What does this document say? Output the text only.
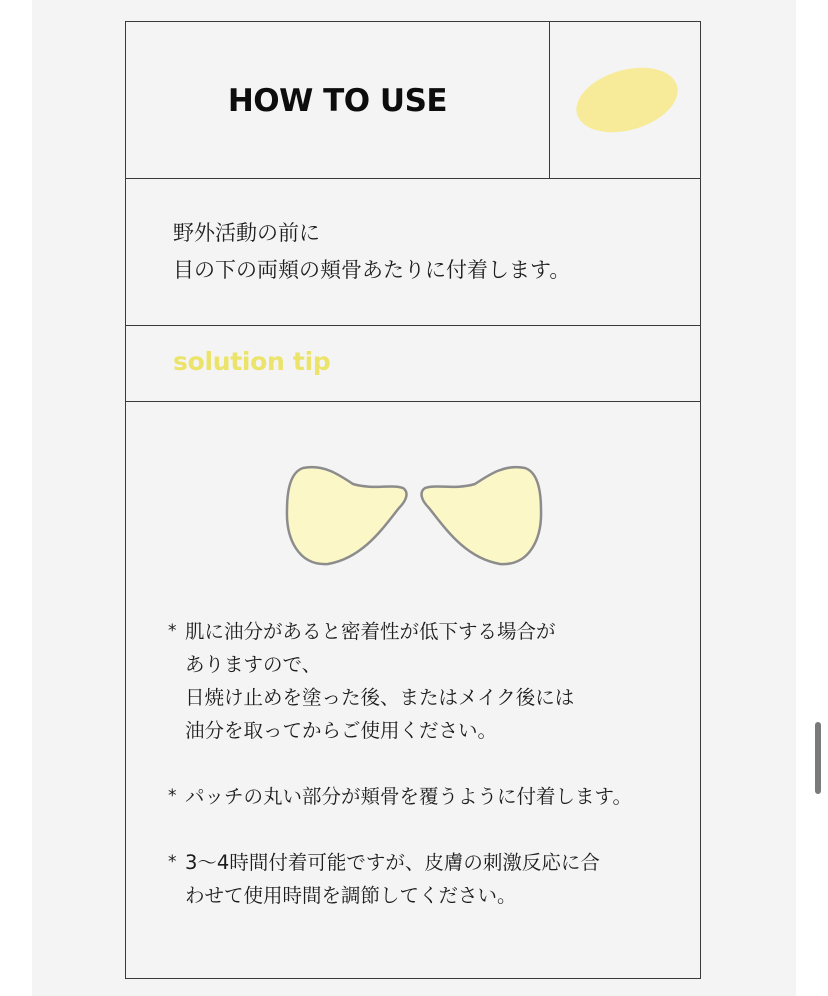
HOW TO USE
野外活動の前に
目の下の両頬の頬骨あたりに付着します。
solution tip
* 肌に油分があると密着性が低下する場合が
ありますので、
日焼け止めを塗った後、またはメイク後には
油分を取ってからご使用ください。
* パッチの丸い部分が頬骨を覆うように付着します。
* 3〜4時間付着可能ですが、皮膚の刺激反応に合
わせて使用時間を調節してください。
